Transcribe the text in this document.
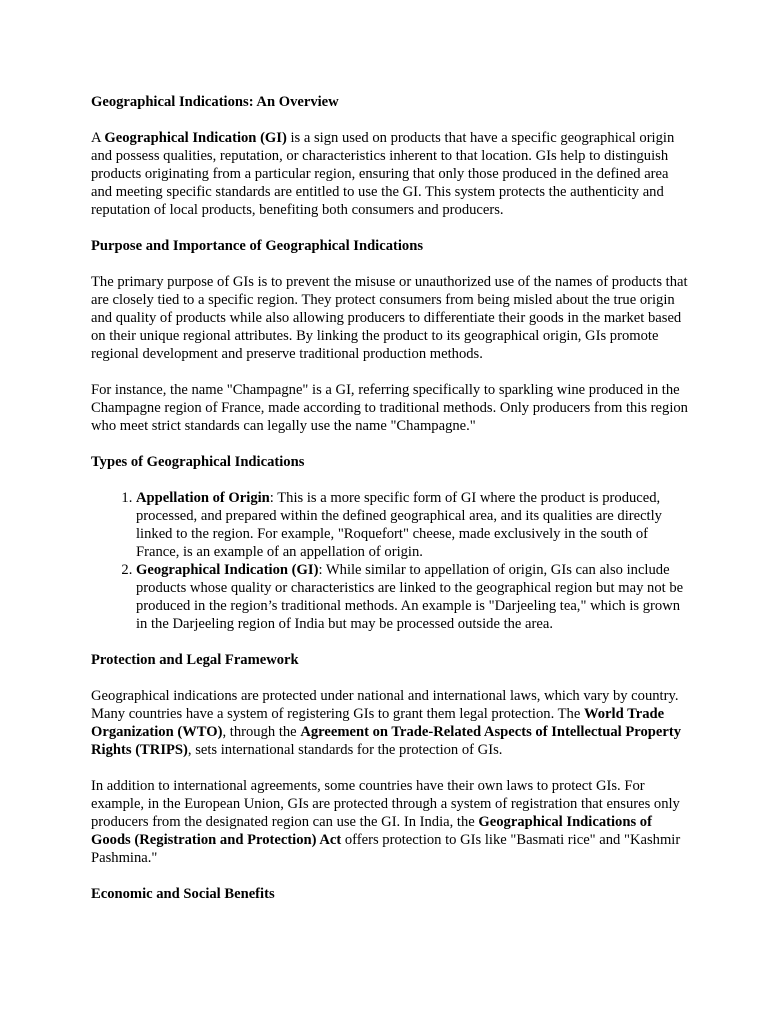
Geographical Indications: An Overview

A Geographical Indication (GI) is a sign used on products that have a specific geographical origin and possess qualities, reputation, or characteristics inherent to that location. GIs help to distinguish products originating from a particular region, ensuring that only those produced in the defined area and meeting specific standards are entitled to use the GI. This system protects the authenticity and reputation of local products, benefiting both consumers and producers.

Purpose and Importance of Geographical Indications

The primary purpose of GIs is to prevent the misuse or unauthorized use of the names of products that are closely tied to a specific region. They protect consumers from being misled about the true origin and quality of products while also allowing producers to differentiate their goods in the market based on their unique regional attributes. By linking the product to its geographical origin, GIs promote regional development and preserve traditional production methods.

For instance, the name "Champagne" is a GI, referring specifically to sparkling wine produced in the Champagne region of France, made according to traditional methods. Only producers from this region who meet strict standards can legally use the name "Champagne."

Types of Geographical Indications
1. Appellation of Origin: This is a more specific form of GI where the product is produced, processed, and prepared within the defined geographical area, and its qualities are directly linked to the region. For example, "Roquefort" cheese, made exclusively in the south of France, is an example of an appellation of origin.
2. Geographical Indication (GI): While similar to appellation of origin, GIs can also include products whose quality or characteristics are linked to the geographical region but may not be produced in the region’s traditional methods. An example is "Darjeeling tea," which is grown in the Darjeeling region of India but may be processed outside the area.
Protection and Legal Framework

Geographical indications are protected under national and international laws, which vary by country. Many countries have a system of registering GIs to grant them legal protection. The World Trade Organization (WTO), through the Agreement on Trade-Related Aspects of Intellectual Property Rights (TRIPS), sets international standards for the protection of GIs.

In addition to international agreements, some countries have their own laws to protect GIs. For example, in the European Union, GIs are protected through a system of registration that ensures only producers from the designated region can use the GI. In India, the Geographical Indications of Goods (Registration and Protection) Act offers protection to GIs like "Basmati rice" and "Kashmir Pashmina."

Economic and Social Benefits
